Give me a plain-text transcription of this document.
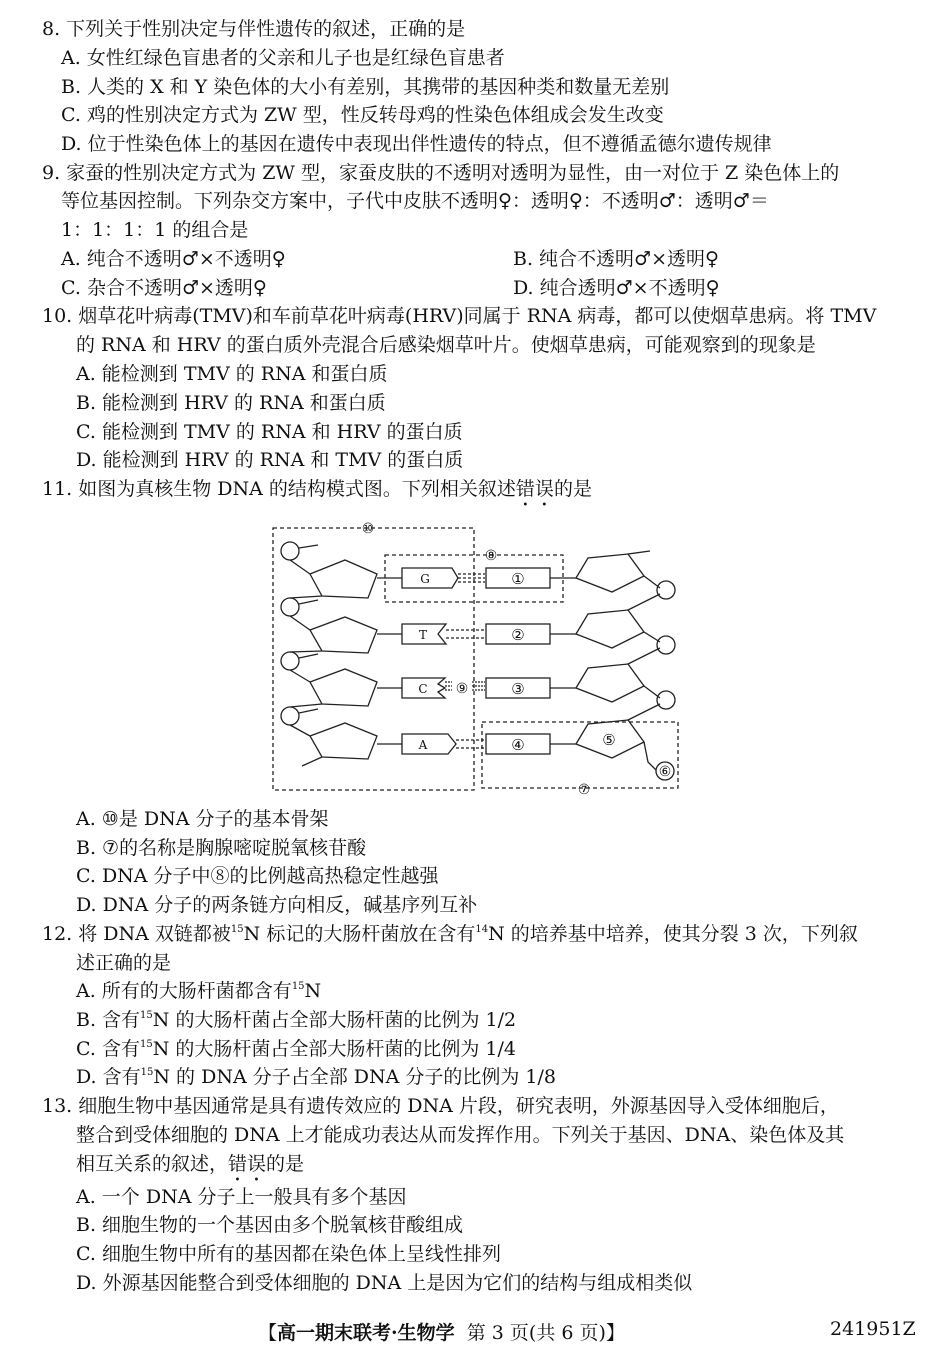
8. 下列关于性别决定与伴性遗传的叙述，正确的是
A. 女性红绿色盲患者的父亲和儿子也是红绿色盲患者
B. 人类的 X 和 Y 染色体的大小有差别，其携带的基因种类和数量无差别
C. 鸡的性别决定方式为 ZW 型，性反转母鸡的性染色体组成会发生改变
D. 位于性染色体上的基因在遗传中表现出伴性遗传的特点，但不遵循孟德尔遗传规律
9. 家蚕的性别决定方式为 ZW 型，家蚕皮肤的不透明对透明为显性，由一对位于 Z 染色体上的
等位基因控制。下列杂交方案中，子代中皮肤不透明♀：透明♀：不透明♂：透明♂＝
1：1：1：1 的组合是
A. 纯合不透明♂×不透明♀	B. 纯合不透明♂×透明♀
C. 杂合不透明♂×透明♀	D. 纯合透明♂×不透明♀
10. 烟草花叶病毒(TMV)和车前草花叶病毒(HRV)同属于 RNA 病毒，都可以使烟草患病。将 TMV
的 RNA 和 HRV 的蛋白质外壳混合后感染烟草叶片。使烟草患病，可能观察到的现象是
A. 能检测到 TMV 的 RNA 和蛋白质
B. 能检测到 HRV 的 RNA 和蛋白质
C. 能检测到 TMV 的 RNA 和 HRV 的蛋白质
D. 能检测到 HRV 的 RNA 和 TMV 的蛋白质
11. 如图为真核生物 DNA 的结构模式图。下列相关叙述错误的是
⑩
⑧
G
T
C ⑨
A
①
②
③
④	⑤
⑥
⑦
A. ⑩是 DNA 分子的基本骨架
B. ⑦的名称是胸腺嘧啶脱氧核苷酸
C. DNA 分子中⑧的比例越高热稳定性越强
D. DNA 分子的两条链方向相反，碱基序列互补
12. 将 DNA 双链都被$^{15}$N 标记的大肠杆菌放在含有$^{14}$N 的培养基中培养，使其分裂 3 次，下列叙
述正确的是
A. 所有的大肠杆菌都含有$^{15}$N
B. 含有$^{15}$N 的大肠杆菌占全部大肠杆菌的比例为 1/2
C. 含有$^{15}$N 的大肠杆菌占全部大肠杆菌的比例为 1/4
D. 含有$^{15}$N 的 DNA 分子占全部 DNA 分子的比例为 1/8
13. 细胞生物中基因通常是具有遗传效应的 DNA 片段，研究表明，外源基因导入受体细胞后，
整合到受体细胞的 DNA 上才能成功表达从而发挥作用。下列关于基因、DNA、染色体及其
相互关系的叙述，错误的是
A. 一个 DNA 分子上一般具有多个基因
B. 细胞生物的一个基因由多个脱氧核苷酸组成
C. 细胞生物中所有的基因都在染色体上呈线性排列
D. 外源基因能整合到受体细胞的 DNA 上是因为它们的结构与组成相类似
【高一期末联考·生物学 第 3 页(共 6 页)】	241951Z
